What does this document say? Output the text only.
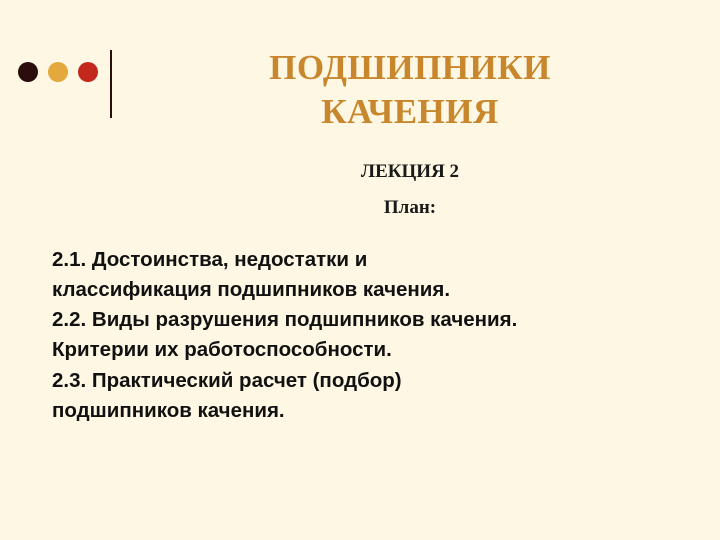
ПОДШИПНИКИ
КАЧЕНИЯ
ЛЕКЦИЯ 2
План:

2.1. Достоинства, недостатки и

классификация подшипников качения.

2.2. Виды разрушения подшипников качения.

Критерии их работоспособности.

2.3. Практический расчет (подбор)

подшипников качения.
